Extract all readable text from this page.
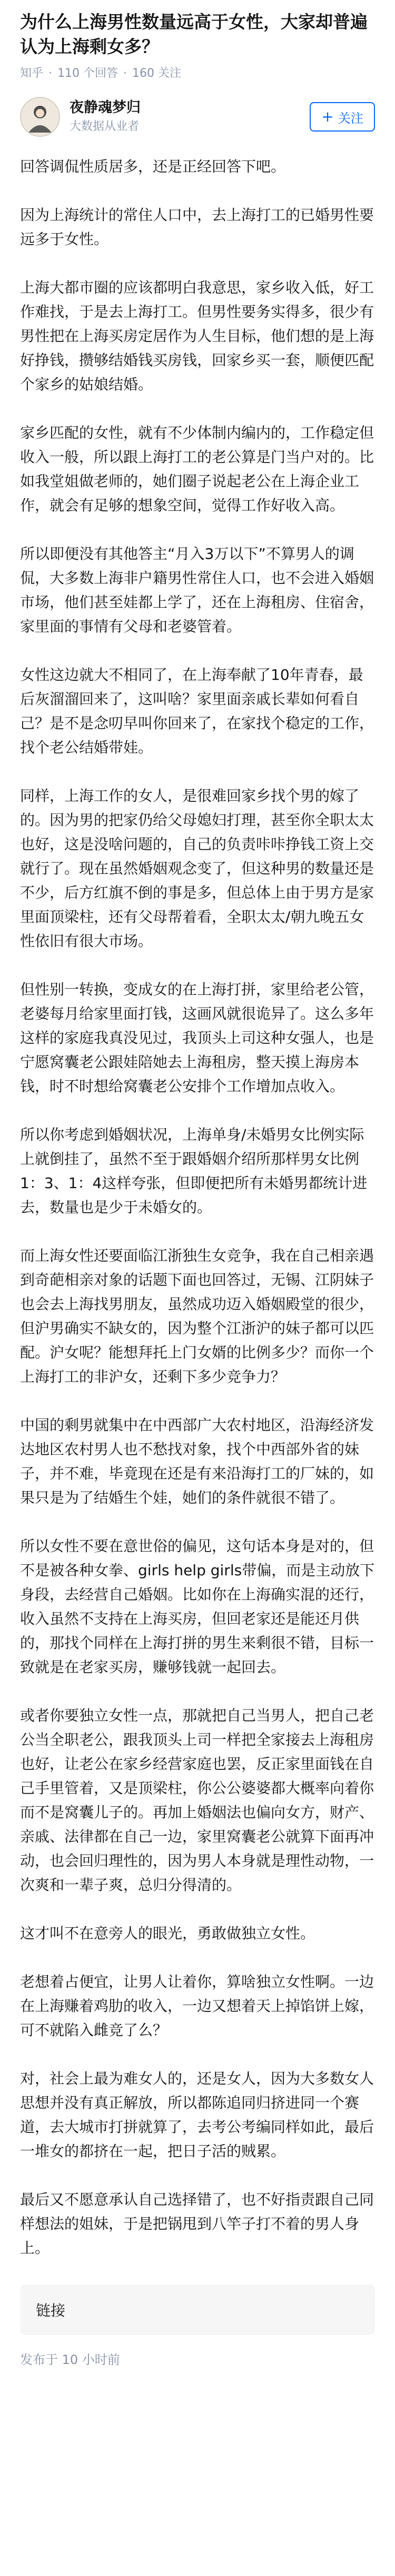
为什么上海男性数量远高于女性，大家却普遍认为上海剩女多？
知乎 · 110 个回答 · 160 关注
夜静魂梦归
大数据从业者
+ 关注

回答调侃性质居多，还是正经回答下吧。

因为上海统计的常住人口中，去上海打工的已婚男性要远多于女性。

上海大都市圈的应该都明白我意思，家乡收入低，好工作难找，于是去上海打工。但男性要务实得多，很少有男性把在上海买房定居作为人生目标，他们想的是上海好挣钱，攒够结婚钱买房钱，回家乡买一套，顺便匹配个家乡的姑娘结婚。

家乡匹配的女性，就有不少体制内编内的，工作稳定但收入一般，所以跟上海打工的老公算是门当户对的。比如我堂姐做老师的，她们圈子说起老公在上海企业工作，就会有足够的想象空间，觉得工作好收入高。

所以即便没有其他答主“月入3万以下”不算男人的调侃，大多数上海非户籍男性常住人口，也不会进入婚姻市场，他们甚至娃都上学了，还在上海租房、住宿舍，家里面的事情有父母和老婆管着。

女性这边就大不相同了，在上海奉献了10年青春，最后灰溜溜回来了，这叫啥？家里面亲戚长辈如何看自己？是不是念叨早叫你回来了，在家找个稳定的工作，找个老公结婚带娃。

同样，上海工作的女人，是很难回家乡找个男的嫁了的。因为男的把家仍给父母媳妇打理，甚至你全职太太也好，这是没啥问题的，自己的负责咔咔挣钱工资上交就行了。现在虽然婚姻观念变了，但这种男的数量还是不少，后方红旗不倒的事是多，但总体上由于男方是家里面顶梁柱，还有父母帮着看，全职太太/朝九晚五女性依旧有很大市场。

但性别一转换，变成女的在上海打拼，家里给老公管，老婆每月给家里面打钱，这画风就很诡异了。这么多年这样的家庭我真没见过，我顶头上司这种女强人，也是宁愿窝囊老公跟娃陪她去上海租房，整天摸上海房本钱，时不时想给窝囊老公安排个工作增加点收入。

所以你考虑到婚姻状况，上海单身/未婚男女比例实际上就倒挂了，虽然不至于跟婚姻介绍所那样男女比例1：3、1：4这样夸张，但即便把所有未婚男都统计进去，数量也是少于未婚女的。

而上海女性还要面临江浙独生女竞争，我在自己相亲遇到奇葩相亲对象的话题下面也回答过，无锡、江阴妹子也会去上海找男朋友，虽然成功迈入婚姻殿堂的很少，但沪男确实不缺女的，因为整个江浙沪的妹子都可以匹配。沪女呢？能想拜托上门女婿的比例多少？而你一个上海打工的非沪女，还剩下多少竞争力？

中国的剩男就集中在中西部广大农村地区，沿海经济发达地区农村男人也不愁找对象，找个中西部外省的妹子，并不难，毕竟现在还是有来沿海打工的厂妹的，如果只是为了结婚生个娃，她们的条件就很不错了。

所以女性不要在意世俗的偏见，这句话本身是对的，但不是被各种女拳、girls help girls带偏，而是主动放下身段，去经营自己婚姻。比如你在上海确实混的还行，收入虽然不支持在上海买房，但回老家还是能还月供的，那找个同样在上海打拼的男生来剩很不错，目标一致就是在老家买房，赚够钱就一起回去。

或者你要独立女性一点，那就把自己当男人，把自己老公当全职老公，跟我顶头上司一样把全家接去上海租房也好，让老公在家乡经营家庭也罢，反正家里面钱在自己手里管着，又是顶梁柱，你公公婆婆都大概率向着你而不是窝囊儿子的。再加上婚姻法也偏向女方，财产、亲戚、法律都在自己一边，家里窝囊老公就算下面再冲动，也会回归理性的，因为男人本身就是理性动物，一次爽和一辈子爽，总归分得清的。

这才叫不在意旁人的眼光，勇敢做独立女性。

老想着占便宜，让男人让着你，算啥独立女性啊。一边在上海赚着鸡肋的收入，一边又想着天上掉馅饼上嫁，可不就陷入雌竞了么？

对，社会上最为难女人的，还是女人，因为大多数女人思想并没有真正解放，所以都陈追同归挤进同一个赛道，去大城市打拼就算了，去考公考编同样如此，最后一堆女的都挤在一起，把日子活的贼累。

最后又不愿意承认自己选择错了，也不好指责跟自己同样想法的姐妹，于是把锅甩到八竿子打不着的男人身上。

链接
发布于 10 小时前
